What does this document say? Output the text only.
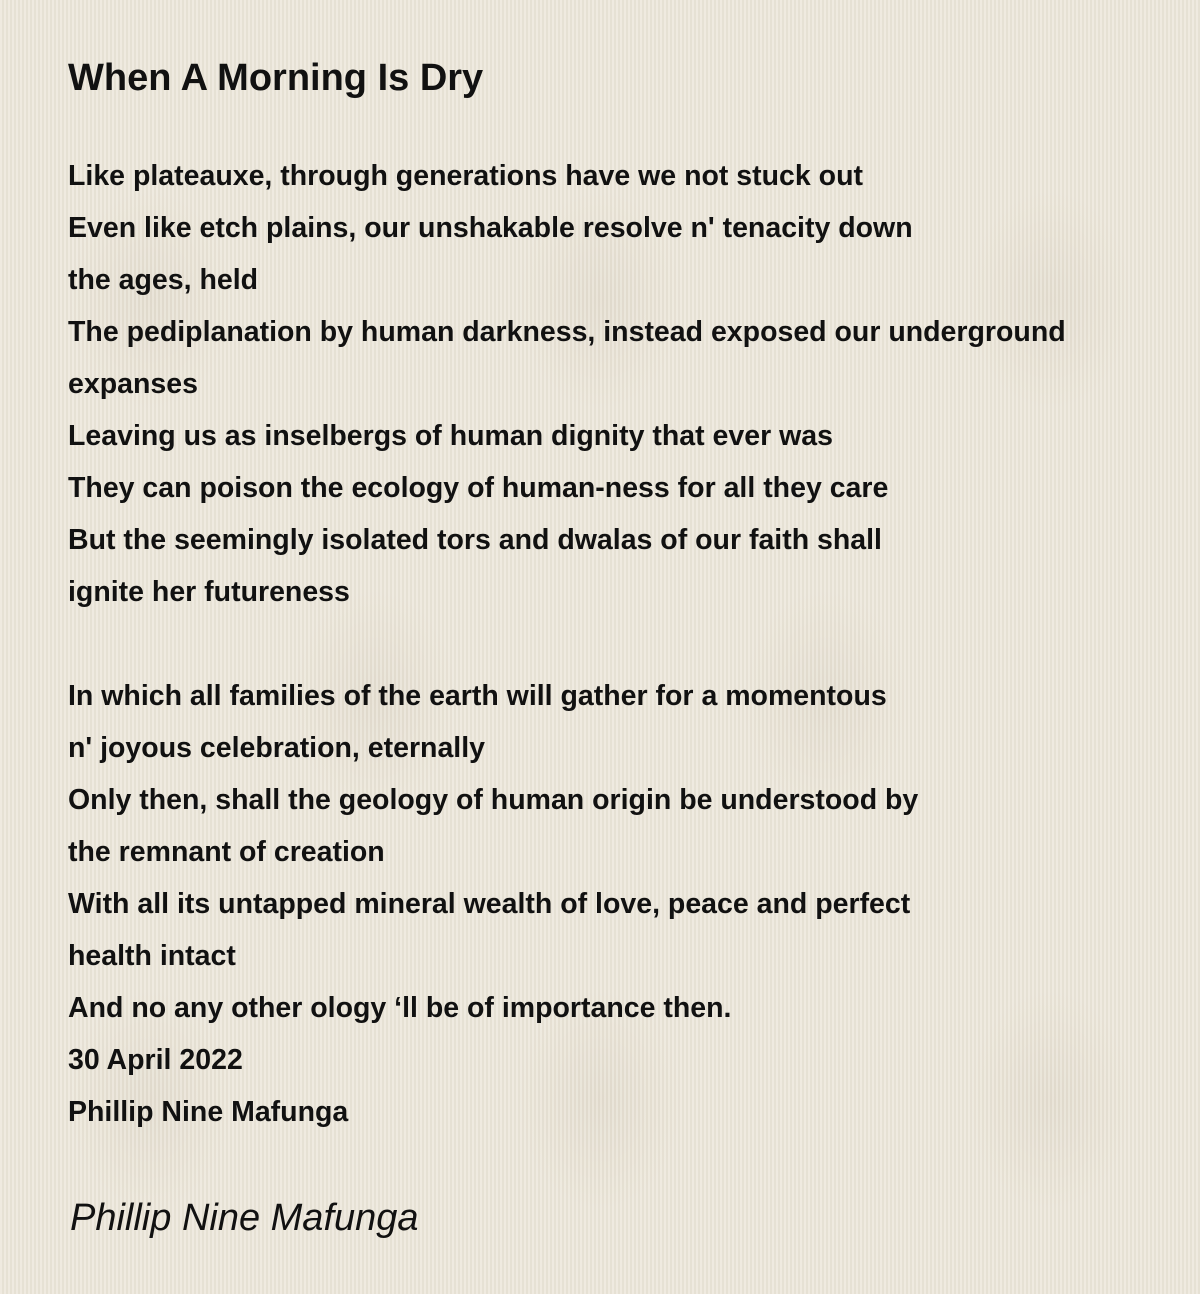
When A Morning Is Dry
Like plateauxe, through generations have we not stuck out
Even like etch plains, our unshakable resolve n' tenacity down
the ages, held
The pediplanation by human darkness, instead exposed our underground
expanses
Leaving us as inselbergs of human dignity that ever was
They can poison the ecology of human-ness for all they care
But the seemingly isolated tors and dwalas of our faith shall
ignite her futureness
In which all families of the earth will gather for a momentous
n' joyous celebration, eternally
Only then, shall the geology of human origin be understood by
the remnant of creation
With all its untapped mineral wealth of love, peace and perfect
health intact
And no any other ology ‘ll be of importance then.
30 April 2022
Phillip Nine Mafunga
Phillip Nine Mafunga
